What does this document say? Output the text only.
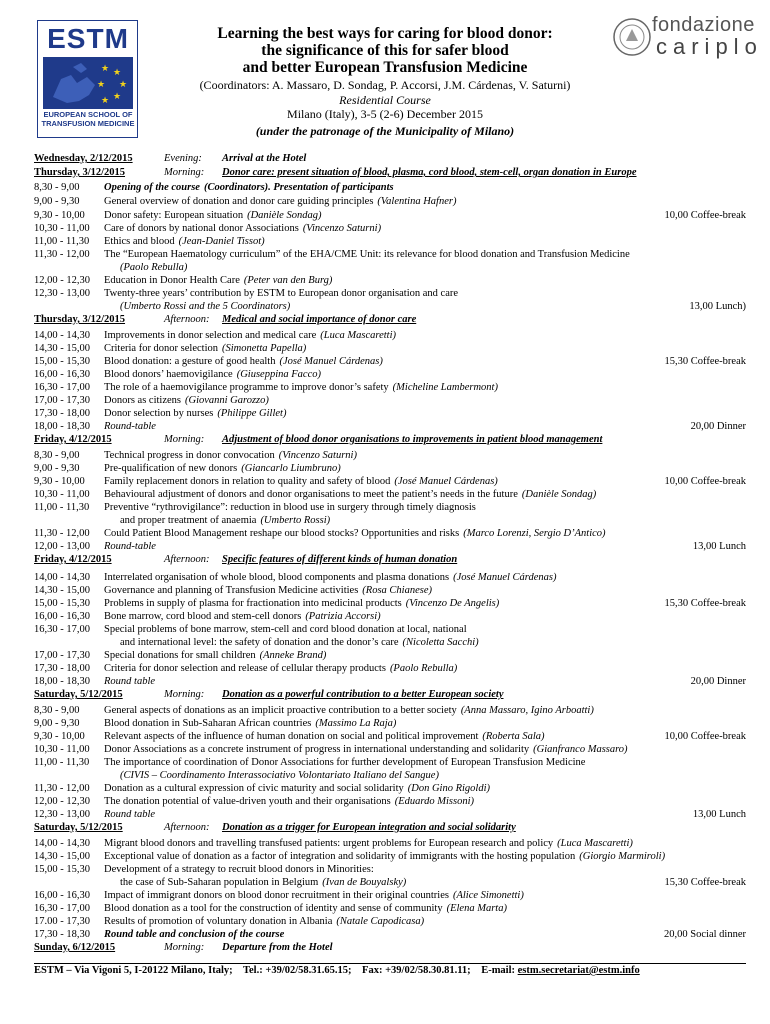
ESTM
★ ★
★
★
★
★
EUROPEAN SCHOOL OF TRANSFUSION MEDICINE
fondazione
cariplo
Learning the best ways for caring for blood donor:
the significance of this for safer blood
and better European Transfusion Medicine
(Coordinators: A. Massaro, D. Sondag, P. Accorsi, J.M. Cárdenas, V. Saturni)
Residential Course
Milano (Italy), 3-5 (2-6) December 2015
(under the patronage of the Municipality of Milano)
Wednesday, 2/12/2015	Evening: Arrival at the Hotel
Thursday, 3/12/2015	Morning: Donor care: present situation of blood, plasma, cord blood, stem-cell, organ donation in Europe
8,30 - 9,00 Opening of the course (Coordinators). Presentation of participants
9,00 - 9,30 General overview of donation and donor care guiding principles (Valentina Hafner)
9,30 - 10,00 Donor safety: European situation (Danièle Sondag)	10,00 Coffee-break
10,30 - 11,00 Care of donors by national donor Associations (Vincenzo Saturni)
11,00 - 11,30 Ethics and blood (Jean-Daniel Tissot)
11,30 - 12,00 The “European Haematology curriculum” of the EHA/CME Unit: its relevance for blood donation and Transfusion Medicine
(Paolo Rebulla)
12,00 - 12,30 Education in Donor Health Care (Peter van den Burg)
12,30 - 13,00 Twenty-three years’ contribution by ESTM to European donor organisation and care
(Umberto Rossi and the 5 Coordinators)	13,00 Lunch)
Thursday, 3/12/2015	Afternoon: Medical and social importance of donor care
14,00 - 14,30 Improvements in donor selection and medical care (Luca Mascaretti)
14,30 - 15,00 Criteria for donor selection (Simonetta Papella)
15,00 - 15,30 Blood donation: a gesture of good health (José Manuel Cárdenas)	15,30 Coffee-break
16,00 - 16,30 Blood donors’ haemovigilance (Giuseppina Facco)
16,30 - 17,00 The role of a haemovigilance programme to improve donor’s safety (Micheline Lambermont)
17,00 - 17,30 Donors as citizens (Giovanni Garozzo)
17,30 - 18,00 Donor selection by nurses (Philippe Gillet)
18,00 - 18,30 Round-table	20,00 Dinner
Friday, 4/12/2015	Morning: Adjustment of blood donor organisations to improvements in patient blood management
8,30 - 9,00 Technical progress in donor convocation (Vincenzo Saturni)
9,00 - 9,30 Pre-qualification of new donors (Giancarlo Liumbruno)
9,30 - 10,00 Family replacement donors in relation to quality and safety of blood (José Manuel Cárdenas)	10,00 Coffee-break
10,30 - 11,00 Behavioural adjustment of donors and donor organisations to meet the patient’s needs in the future (Danièle Sondag)
11,00 - 11,30 Preventive “rythrovigilance”: reduction in blood use in surgery through timely diagnosis
and proper treatment of anaemia (Umberto Rossi)
11,30 - 12,00 Could Patient Blood Management reshape our blood stocks? Opportunities and risks (Marco Lorenzi, Sergio D’Antico)
12,00 - 13,00 Round-table	13,00 Lunch
Friday, 4/12/2015	Afternoon: Specific features of different kinds of human donation
14,00 - 14,30 Interrelated organisation of whole blood, blood components and plasma donations (José Manuel Cárdenas)
14,30 - 15,00 Governance and planning of Transfusion Medicine activities (Rosa Chianese)
15,00 - 15,30 Problems in supply of plasma for fractionation into medicinal products (Vincenzo De Angelis)	15,30 Coffee-break
16,00 - 16,30 Bone marrow, cord blood and stem-cell donors (Patrizia Accorsi)
16,30 - 17,00 Special problems of bone marrow, stem-cell and cord blood donation at local, national
and international level: the safety of donation and the donor’s care (Nicoletta Sacchi)
17,00 - 17,30 Special donations for small children (Anneke Brand)
17,30 - 18,00 Criteria for donor selection and release of cellular therapy products (Paolo Rebulla)
18,00 - 18,30 Round table	20,00 Dinner
Saturday, 5/12/2015	Morning: Donation as a powerful contribution to a better European society
8,30 - 9,00 General aspects of donations as an implicit proactive contribution to a better society (Anna Massaro, Igino Arboatti)
9,00 - 9,30 Blood donation in Sub-Saharan African countries (Massimo La Raja)
9,30 - 10,00 Relevant aspects of the influence of human donation on social and political improvement (Roberta Sala)	10,00 Coffee-break
10,30 - 11,00 Donor Associations as a concrete instrument of progress in international understanding and solidarity (Gianfranco Massaro)
11,00 - 11,30 The importance of coordination of Donor Associations for further development of European Transfusion Medicine
(CIVIS – Coordinamento Interassociativo Volontariato Italiano del Sangue)
11,30 - 12,00 Donation as a cultural expression of civic maturity and social solidarity (Don Gino Rigoldi)
12,00 - 12,30 The donation potential of value-driven youth and their organisations (Eduardo Missoni)
12,30 - 13,00 Round table	13,00 Lunch
Saturday, 5/12/2015	Afternoon: Donation as a trigger for European integration and social solidarity
14,00 - 14,30 Migrant blood donors and travelling transfused patients: urgent problems for European research and policy (Luca Mascaretti)
14,30 - 15,00 Exceptional value of donation as a factor of integration and solidarity of immigrants with the hosting population (Giorgio Marmiroli)
15,00 - 15,30 Development of a strategy to recruit blood donors in Minorities:
the case of Sub-Saharan population in Belgium (Ivan de Bouyalsky)	15,30 Coffee-break
16,00 - 16,30 Impact of immigrant donors on blood donor recruitment in their original countries (Alice Simonetti)
16,30 - 17,00 Blood donation as a tool for the construction of identity and sense of community (Elena Marta)
17.00 - 17,30 Results of promotion of voluntary donation in Albania (Natale Capodicasa)
17,30 - 18,30 Round table and conclusion of the course	20,00 Social dinner
Sunday, 6/12/2015	Morning: Departure from the Hotel
ESTM – Via Vigoni 5, I-20122 Milano, Italy; Tel.: +39/02/58.31.65.15; Fax: +39/02/58.30.81.11; E-mail: estm.secretariat@estm.info
